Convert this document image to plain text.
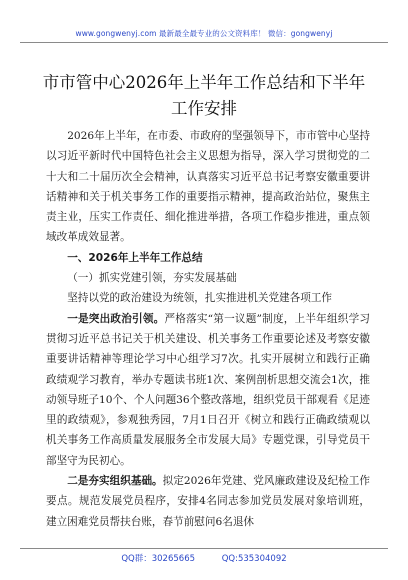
www.gongwenyj.com 最新最全最专业的公文资料库！ 微信：gongwenyj
市市管中心2026年上半年工作总结和下半年工作安排

2026年上半年，在市委、市政府的坚强领导下，市市管中心坚持以习近平新时代中国特色社会主义思想为指导，深入学习贯彻党的二十大和二十届历次全会精神，认真落实习近平总书记考察安徽重要讲话精神和关于机关事务工作的重要指示精神，提高政治站位，聚焦主责主业，压实工作责任、细化推进举措，各项工作稳步推进，重点领域改革成效显著。

一、2026年上半年工作总结

（一）抓实党建引领，夯实发展基础

坚持以党的政治建设为统领，扎实推进机关党建各项工作

一是突出政治引领。严格落实“第一议题”制度，上半年组织学习贯彻习近平总书记关于机关建设、机关事务工作重要论述及考察安徽重要讲话精神等理论学习中心组学习7次。扎实开展树立和践行正确政绩观学习教育，举办专题读书班1次、案例剖析思想交流会1次，推动领导班子10个、个人问题36个整改落地，组织党员干部观看《足迹里的政绩观》，参观独秀园，7月1日召开《树立和践行正确政绩观以机关事务工作高质量发展服务全市发展大局》专题党课，引导党员干部坚守为民初心。

二是夯实组织基础。拟定2026年党建、党风廉政建设及纪检工作要点。规范发展党员程序，安排4名同志参加党员发展对象培训班，建立困难党员帮扶台账，春节前慰问6名退休

QQ群：30265665	QQ:535304092
